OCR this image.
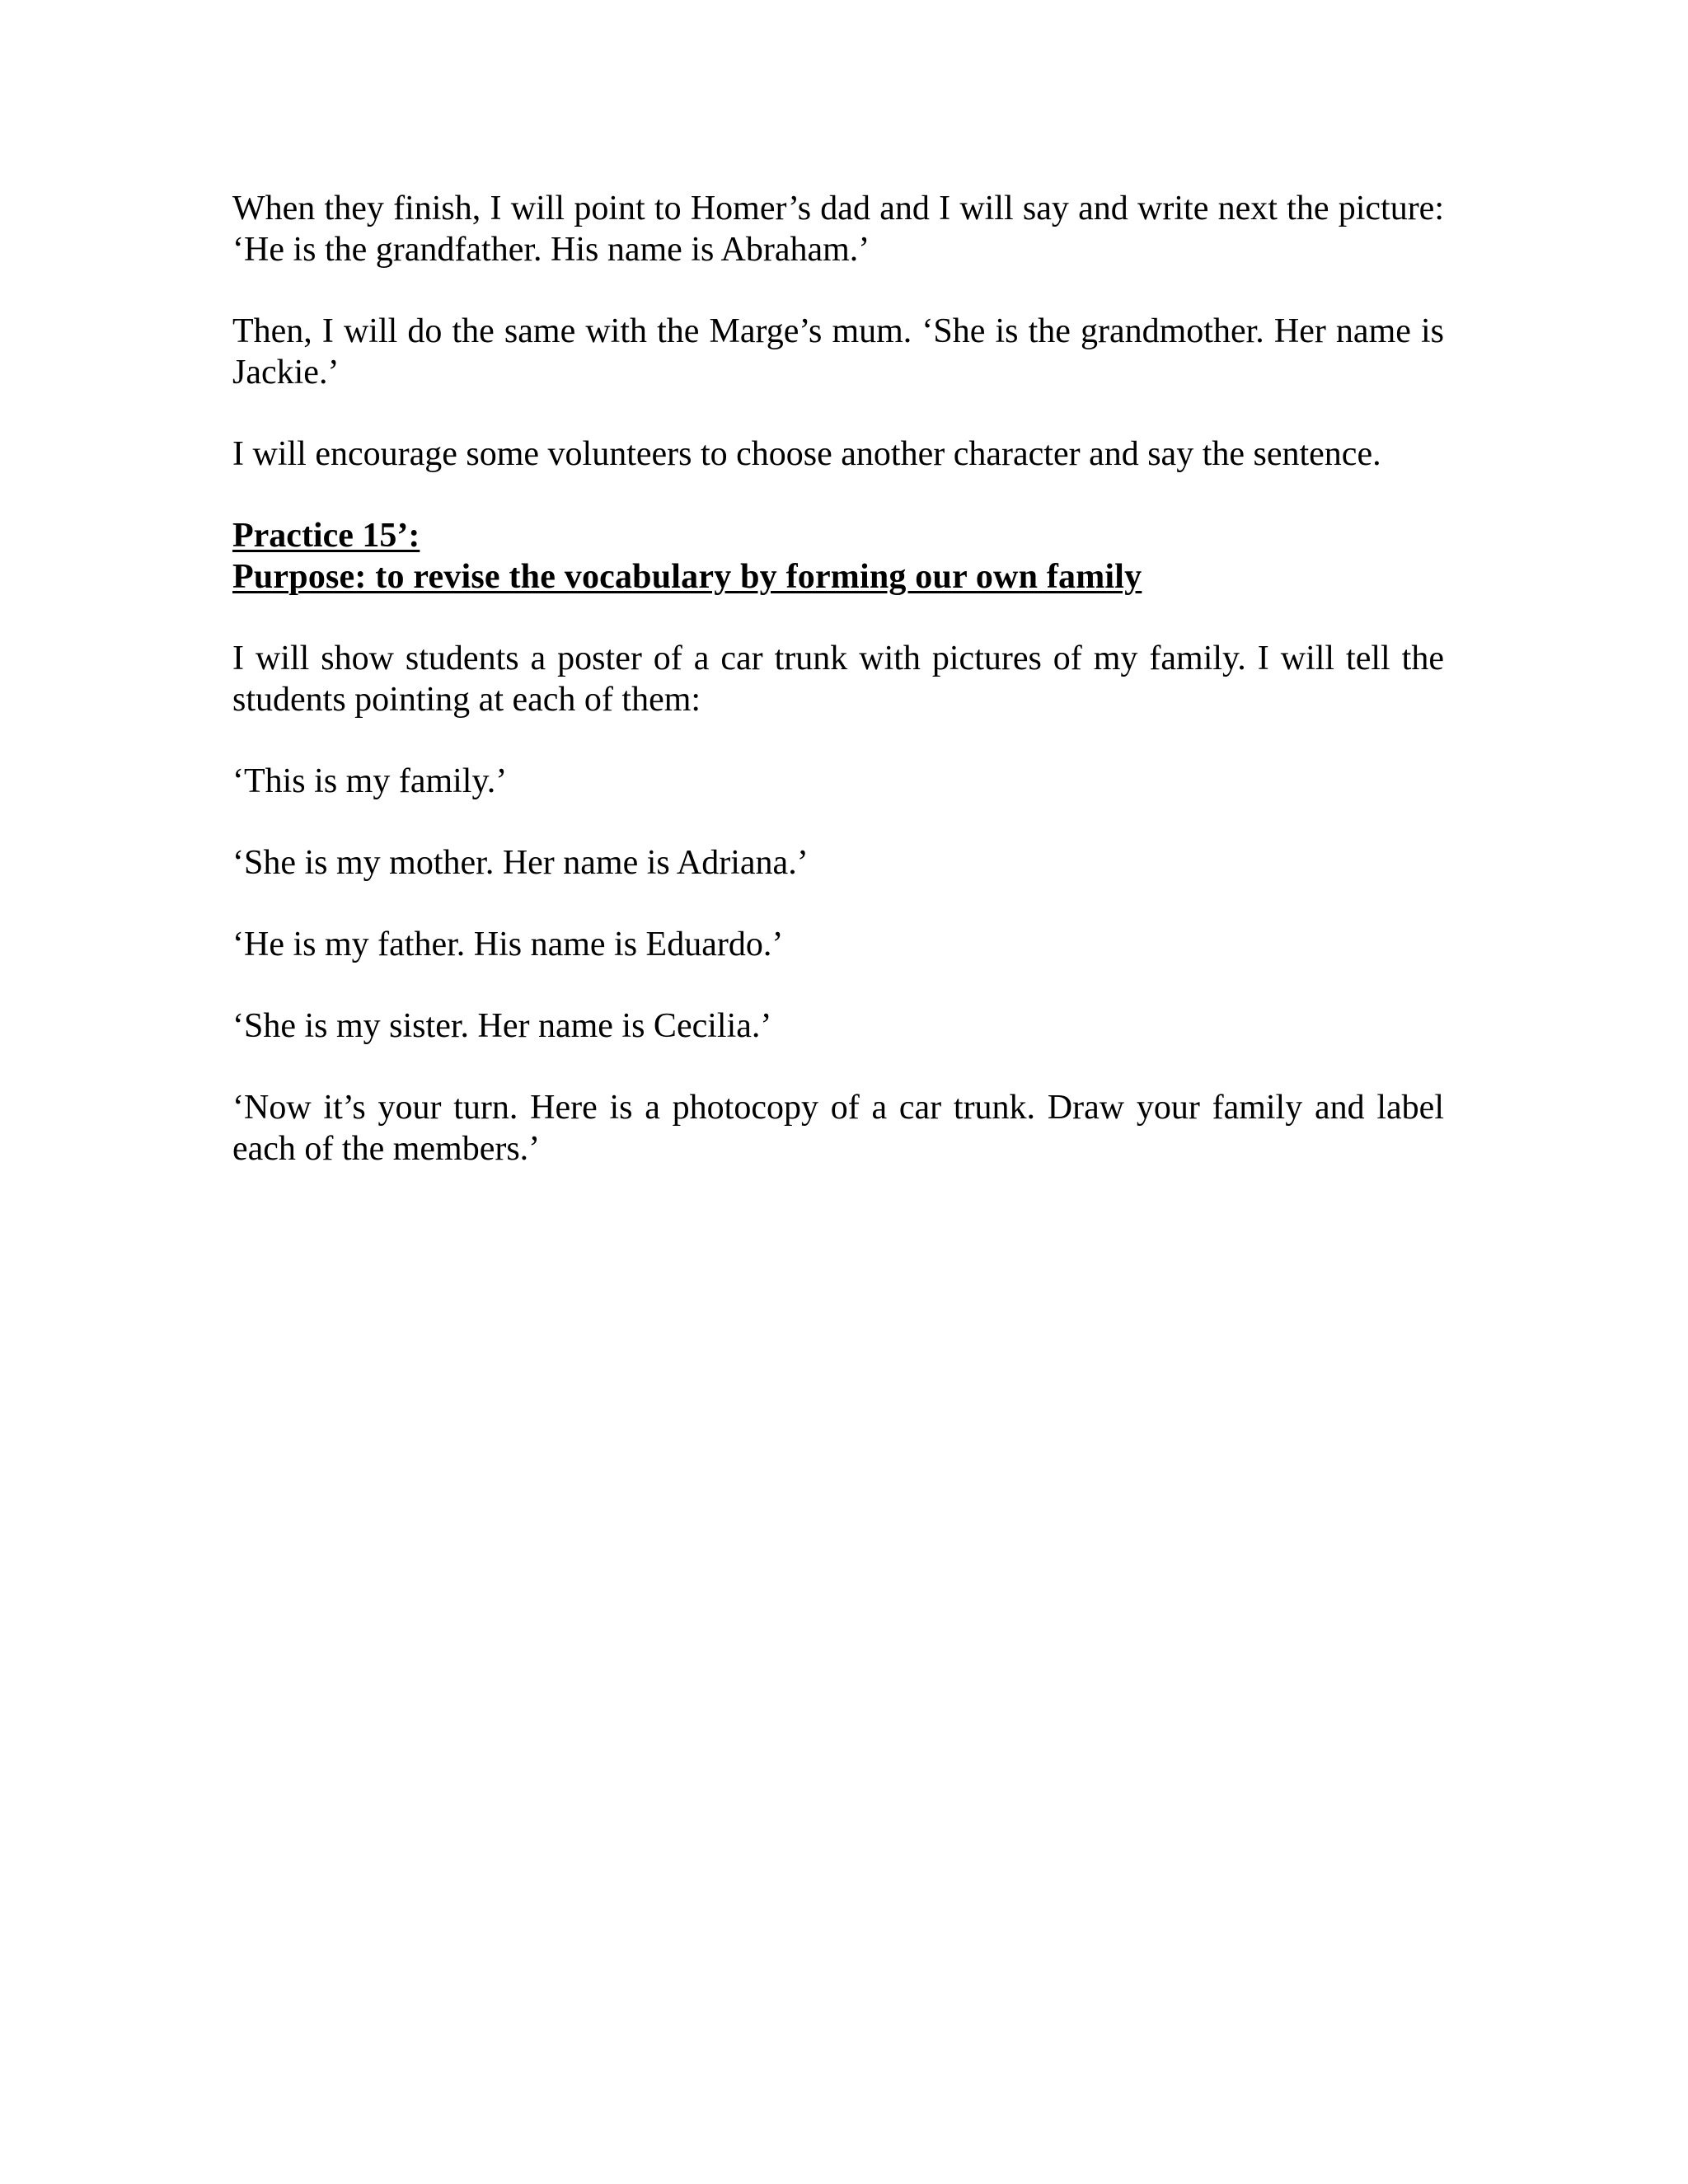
When they finish, I will point to Homer’s dad and I will say and write next the picture: ‘He is the grandfather. His name is Abraham.’

Then, I will do the same with the Marge’s mum. ‘She is the grandmother. Her name is Jackie.’

I will encourage some volunteers to choose another character and say the sentence.

Practice 15’:
Purpose: to revise the vocabulary by forming our own family

I will show students a poster of a car trunk with pictures of my family. I will tell the students pointing at each of them:

‘This is my family.’

‘She is my mother. Her name is Adriana.’

‘He is my father. His name is Eduardo.’

‘She is my sister. Her name is Cecilia.’

‘Now it’s your turn. Here is a photocopy of a car trunk. Draw your family and label each of the members.’
